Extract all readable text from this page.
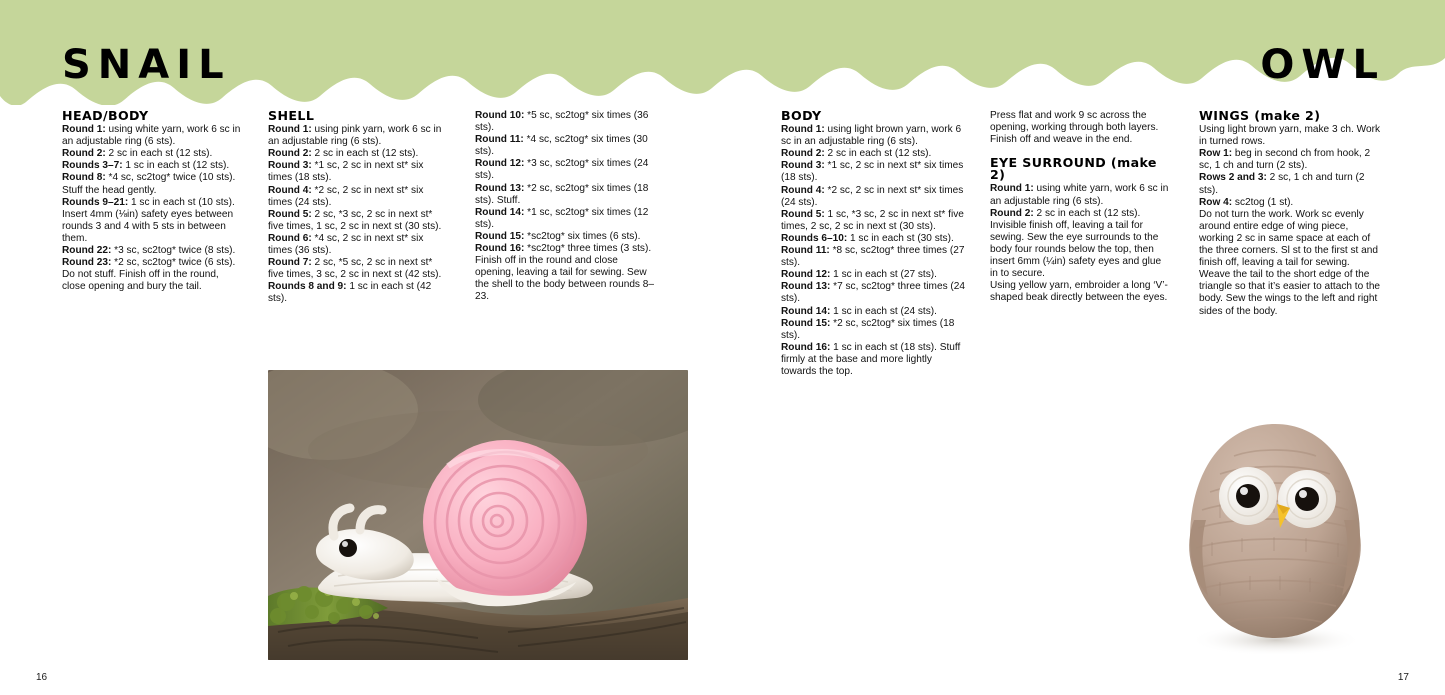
SNAIL	OWL

HEAD/BODY

Round 1: using white yarn, work 6 sc in an adjustable ring (6 sts).

Round 2: 2 sc in each st (12 sts).

Rounds 3–7: 1 sc in each st (12 sts).

Round 8: *4 sc, sc2tog* twice (10 sts). Stuff the head gently.

Rounds 9–21: 1 sc in each st (10 sts). Insert 4mm (⅛in) safety eyes between rounds 3 and 4 with 5 sts in between them.

Round 22: *3 sc, sc2tog* twice (8 sts).

Round 23: *2 sc, sc2tog* twice (6 sts). Do not stuff. Finish off in the round, close opening and bury the tail.

SHELL

Round 1: using pink yarn, work 6 sc in an adjustable ring (6 sts).

Round 2: 2 sc in each st (12 sts).

Round 3: *1 sc, 2 sc in next st* six times (18 sts).

Round 4: *2 sc, 2 sc in next st* six times (24 sts).

Round 5: 2 sc, *3 sc, 2 sc in next st* five times, 1 sc, 2 sc in next st (30 sts).

Round 6: *4 sc, 2 sc in next st* six times (36 sts).

Round 7: 2 sc, *5 sc, 2 sc in next st* five times, 3 sc, 2 sc in next st (42 sts).

Rounds 8 and 9: 1 sc in each st (42 sts).

Round 10: *5 sc, sc2tog* six times (36 sts).

Round 11: *4 sc, sc2tog* six times (30 sts).

Round 12: *3 sc, sc2tog* six times (24 sts).

Round 13: *2 sc, sc2tog* six times (18 sts). Stuff.

Round 14: *1 sc, sc2tog* six times (12 sts).

Round 15: *sc2tog* six times (6 sts).

Round 16: *sc2tog* three times (3 sts). Finish off in the round and close opening, leaving a tail for sewing. Sew the shell to the body between rounds 8–23.

BODY

Round 1: using light brown yarn, work 6 sc in an adjustable ring (6 sts).

Round 2: 2 sc in each st (12 sts).

Round 3: *1 sc, 2 sc in next st* six times (18 sts).

Round 4: *2 sc, 2 sc in next st* six times (24 sts).

Round 5: 1 sc, *3 sc, 2 sc in next st* five times, 2 sc, 2 sc in next st (30 sts).

Rounds 6–10: 1 sc in each st (30 sts).

Round 11: *8 sc, sc2tog* three times (27 sts).

Round 12: 1 sc in each st (27 sts).

Round 13: *7 sc, sc2tog* three times (24 sts).

Round 14: 1 sc in each st (24 sts).

Round 15: *2 sc, sc2tog* six times (18 sts).

Round 16: 1 sc in each st (18 sts). Stuff firmly at the base and more lightly towards the top.

Press flat and work 9 sc across the opening, working through both layers. Finish off and weave in the end.

EYE SURROUND (make 2)

Round 1: using white yarn, work 6 sc in an adjustable ring (6 sts).

Round 2: 2 sc in each st (12 sts). Invisible finish off, leaving a tail for sewing. Sew the eye surrounds to the body four rounds below the top, then insert 6mm (¼in) safety eyes and glue in to secure.

Using yellow yarn, embroider a long ‘V’-shaped beak directly between the eyes.

WINGS (make 2)

Using light brown yarn, make 3 ch. Work in turned rows.

Row 1: beg in second ch from hook, 2 sc, 1 ch and turn (2 sts).

Rows 2 and 3: 2 sc, 1 ch and turn (2 sts).

Row 4: sc2tog (1 st).

Do not turn the work. Work sc evenly around entire edge of wing piece, working 2 sc in same space at each of the three corners. Sl st to the first st and finish off, leaving a tail for sewing. Weave the tail to the short edge of the triangle so that it’s easier to attach to the body. Sew the wings to the left and right sides of the body.

16	17
